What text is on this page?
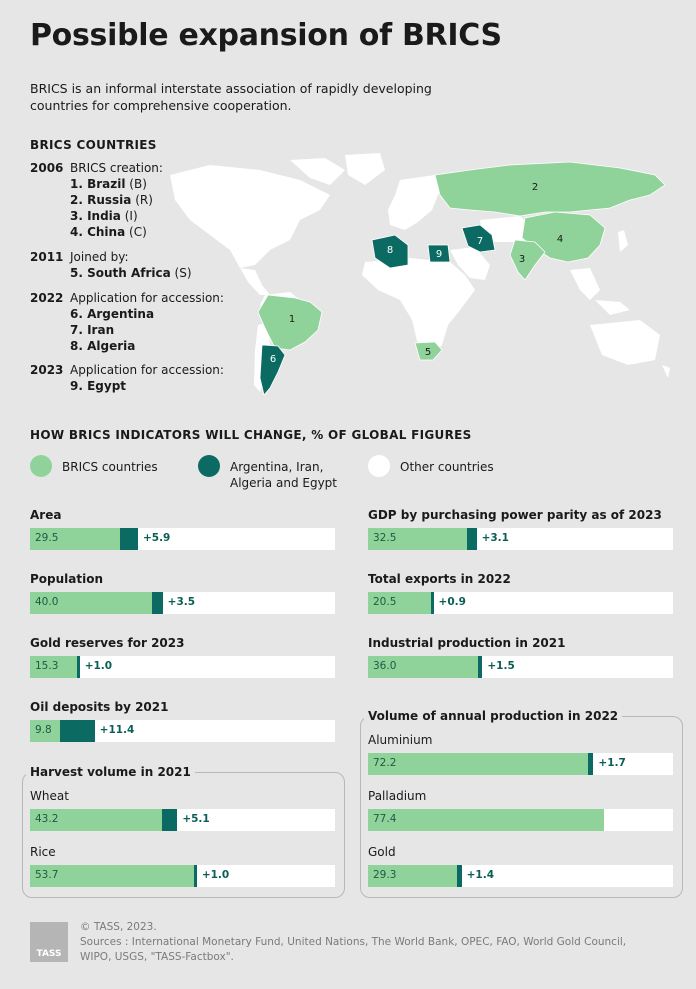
Possible expansion of BRICS
BRICS is an informal interstate association of rapidly developing countries for comprehensive cooperation.
BRICS COUNTRIES
2006 BRICS creation:
1. Brazil (B)
2. Russia (R)
3. India (I)
4. China (C)
2011 Joined by:
5. South Africa (S)
2022 Application for accession:
6. Argentina
7. Iran
8. Algeria
2023 Application for accession:
9. Egypt
1
2
3
4
5
6
7
8	9
HOW BRICS INDICATORS WILL CHANGE, % OF GLOBAL FIGURES
BRICS countries	Argentina, Iran,
Algeria and Egypt
Other countries
Harvest volume in 2021
Volume of annual production in 2022
Area
29.5	+5.9
Population
40.0	+3.5
Gold reserves for 2023
15.3	+1.0
Oil deposits by 2021
9.8	+11.4
GDP by purchasing power parity as of 2023
32.5	+3.1
Total exports in 2022
20.5	+0.9
Industrial production in 2021
36.0	+1.5
Wheat
43.2	+5.1
Rice
53.7	+1.0
Aluminium
72.2	+1.7
Palladium
77.4
Gold
29.3	+1.4
TASS
© TASS, 2023.
Sources : International Monetary Fund, United Nations, The World Bank, OPEC, FAO, World Gold Council, WIPO, USGS, "TASS-Factbox".
